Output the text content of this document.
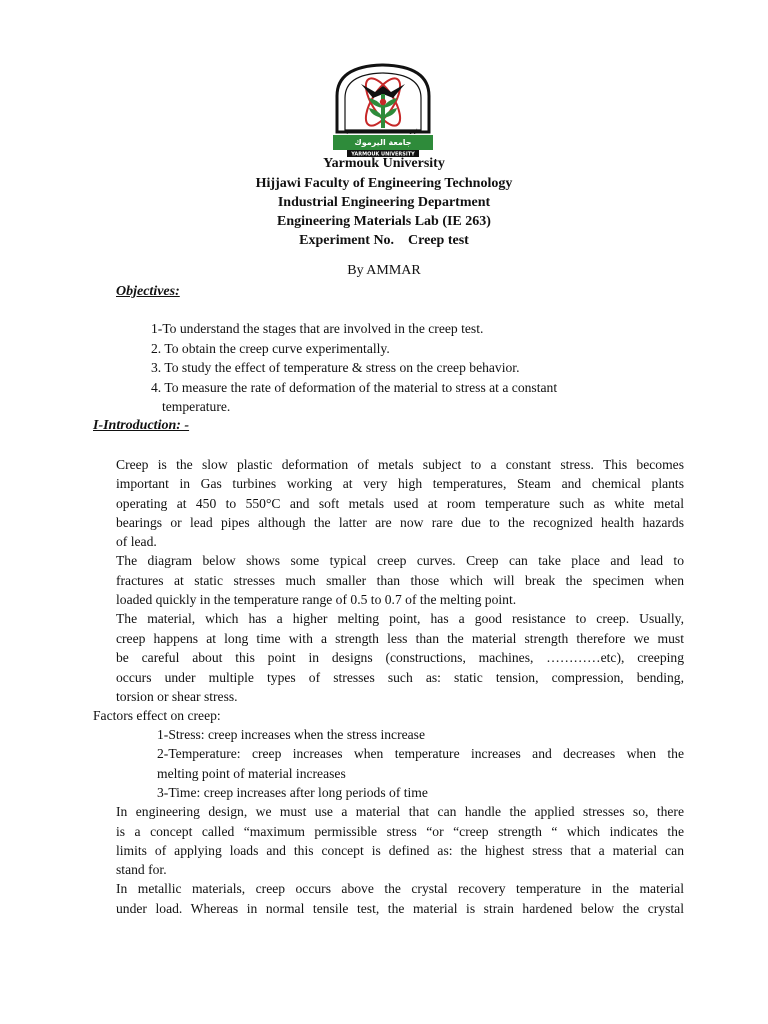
JORDAN	الأردن
جامعة اليرموك
YARMOUK UNIVERSITY
Yarmouk University
Hijjawi Faculty of Engineering Technology
Industrial Engineering Department
Engineering Materials Lab (IE 263)
Experiment No.    Creep test
By AMMAR
Objectives:
1-To understand the stages that are involved in the creep test.
2. To obtain the creep curve experimentally.
3. To study the effect of temperature & stress on the creep behavior.
4. To measure the rate of deformation of the material to stress at a constant
temperature.
I-Introduction: -
Creep is the slow plastic deformation of metals subject to a constant stress. This becomes
important in Gas turbines working at very high temperatures, Steam and chemical plants
operating at 450 to 550°C and soft metals used at room temperature such as white metal
bearings or lead pipes although the latter are now rare due to the recognized health hazards
of lead.
The diagram below shows some typical creep curves. Creep can take place and lead to
fractures at static stresses much smaller than those which will break the specimen when
loaded quickly in the temperature range of 0.5 to 0.7 of the melting point.
The material, which has a higher melting point, has a good resistance to creep. Usually,
creep happens at long time with a strength less than the material strength therefore we must
be careful about this point in designs (constructions, machines, …………etc), creeping
occurs under multiple types of stresses such as: static tension, compression, bending,
torsion or shear stress.
Factors effect on creep:
1-Stress: creep increases when the stress increase
2-Temperature: creep increases when temperature increases and decreases when the
melting point of material increases
3-Time: creep increases after long periods of time
In engineering design, we must use a material that can handle the applied stresses so, there
is a concept called “maximum permissible stress “or “creep strength “ which indicates the
limits of applying loads and this concept is defined as: the highest stress that a material can
stand for.
In metallic materials, creep occurs above the crystal recovery temperature in the material
under load. Whereas in normal tensile test, the material is strain hardened below the crystal
